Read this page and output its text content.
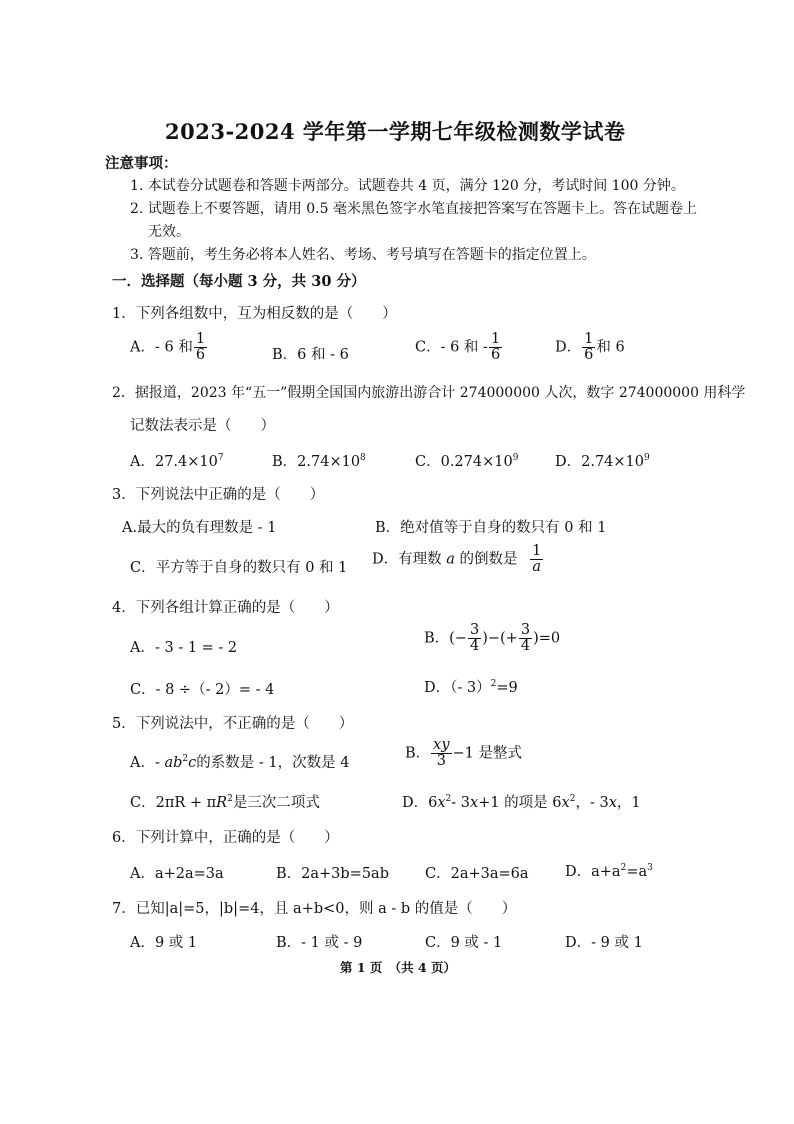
2023-2024 学年第一学期七年级检测数学试卷
注意事项：
1. 本试卷分试题卷和答题卡两部分。试题卷共 4 页，满分 120 分，考试时间 100 分钟。
2. 试题卷上不要答题，请用 0.5 毫米黑色签字水笔直接把答案写在答题卡上。答在试题卷上
无效。
3. 答题前，考生务必将本人姓名、考场、考号填写在答题卡的指定位置上。
一．选择题（每小题 3 分，共 30 分）
1．下列各组数中，互为相反数的是（　　）
A．- 6 和 $\frac{1}{6}$	B．6 和 - 6	C．- 6 和 - $\frac{1}{6}$	D． $\frac{1}{6}$ 和 6
2．据报道，2023 年“五一”假期全国国内旅游出游合计 274000000 人次，数字 274000000 用科学
记数法表示是（　　）
A．$27.4\times 10^7$	B．$2.74\times 10^8$	C．$0.274\times 10^9$	D．$2.74\times 10^9$
3．下列说法中正确的是（　　）
A.最大的负有理数是 - 1	B．绝对值等于自身的数只有 0 和 1
C．平方等于自身的数只有 0 和 1
D．有理数 a 的倒数是 $\frac{1}{a}$
4．下列各组计算正确的是（　　）
A．- 3 - 1 = - 2
B．(− $\frac{3}{4}$ )−(+ $\frac{3}{4} )=0$
C．- 8 ÷（- 2）= - 4	D．（- 3）$^2$=9
5．下列说法中，不正确的是（　　）
A．- $ab^2c$的系数是 - 1，次数是 4
B． $\frac{xy}{3} -1$ 是整式
C．$2\pi R + \pi R^2$是三次二项式	D．$6x^2-$ 3x+1 的项是 $6x^2$，- 3x，1
6．下列计算中，正确的是（　　）
A．a+2a=3a	B．2a+3b=5ab C．2a+3a=6a	D．$a+a^2=a^3$
7．已知|a|=5，|b|=4，且 a+b<0，则 a - b 的值是（　　）
A．9 或 1	B．- 1 或 - 9	C．9 或 - 1	D．- 9 或 1
第 1 页　（共 4 页）
